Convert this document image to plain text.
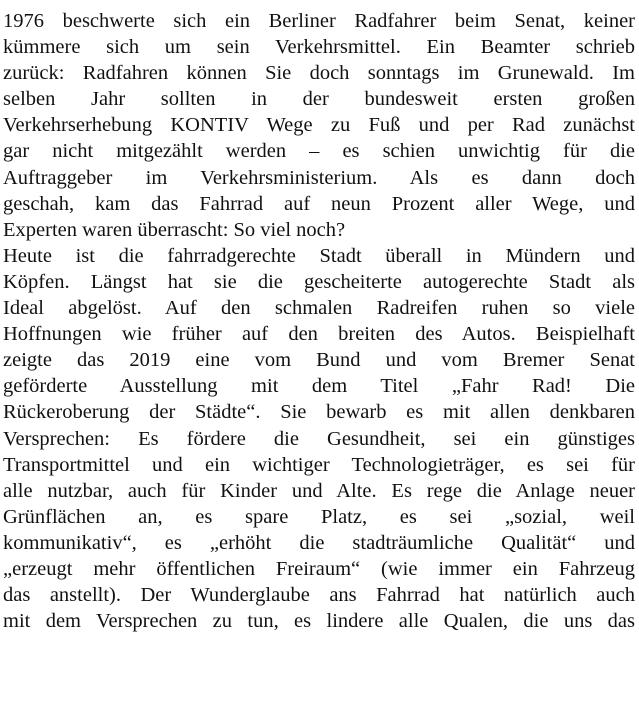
1976 beschwerte sich ein Berliner Radfahrer beim Senat, keiner
kümmere sich um sein Verkehrsmittel. Ein Beamter schrieb
zurück: Radfahren können Sie doch sonntags im Grunewald. Im
selben Jahr sollten in der bundesweit ersten großen
Verkehrserhebung KONTIV Wege zu Fuß und per Rad zunächst
gar nicht mitgezählt werden – es schien unwichtig für die
Auftraggeber im Verkehrsministerium. Als es dann doch
geschah, kam das Fahrrad auf neun Prozent aller Wege, und
Experten waren überrascht: So viel noch?
Heute ist die fahrradgerechte Stadt überall in Mündern und
Köpfen. Längst hat sie die gescheiterte autogerechte Stadt als
Ideal abgelöst. Auf den schmalen Radreifen ruhen so viele
Hoffnungen wie früher auf den breiten des Autos. Beispielhaft
zeigte das 2019 eine vom Bund und vom Bremer Senat
geförderte Ausstellung mit dem Titel „Fahr Rad! Die
Rückeroberung der Städte“. Sie bewarb es mit allen denkbaren
Versprechen: Es fördere die Gesundheit, sei ein günstiges
Transportmittel und ein wichtiger Technologieträger, es sei für
alle nutzbar, auch für Kinder und Alte. Es rege die Anlage neuer
Grünflächen an, es spare Platz, es sei „sozial, weil
kommunikativ“, es „erhöht die stadträumliche Qualität“ und
„erzeugt mehr öffentlichen Freiraum“ (wie immer ein Fahrzeug
das anstellt). Der Wunderglaube ans Fahrrad hat natürlich auch
mit dem Versprechen zu tun, es lindere alle Qualen, die uns das
